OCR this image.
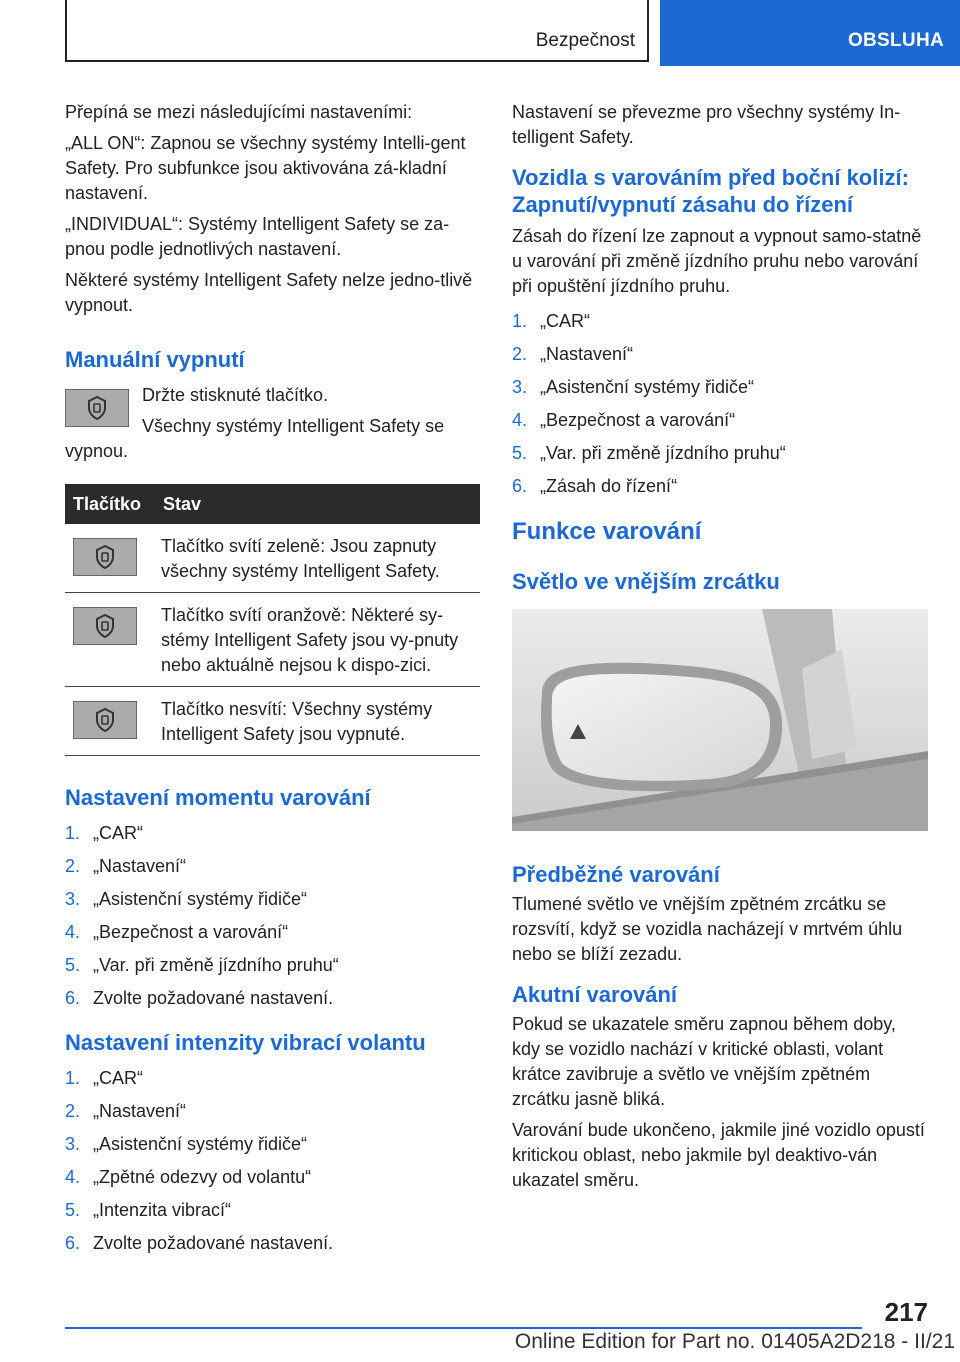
Bezpečnost	OBSLUHA

Přepíná se mezi následujícími nastaveními:

„ALL ON“: Zapnou se všechny systémy Intelli-gent Safety. Pro subfunkce jsou aktivována zá-kladní nastavení.

„INDIVIDUAL“: Systémy Intelligent Safety se za-pnou podle jednotlivých nastavení.

Některé systémy Intelligent Safety nelze jedno-tlivě vypnout.

Manuální vypnutí

Držte stisknuté tlačítko.

Všechny systémy Intelligent Safety se vypnou.

Tlačítko	Stav

	Tlačítko svítí zeleně: Jsou zapnuty všechny systémy Intelligent Safety.

	Tlačítko svítí oranžově: Některé sy-stémy Intelligent Safety jsou vy-pnuty nebo aktuálně nejsou k dispo-zici.

	Tlačítko nesvítí: Všechny systémy Intelligent Safety jsou vypnuté.
Nastavení momentu varování
1. „CAR“
2. „Nastavení“
3. „Asistenční systémy řidiče“
4. „Bezpečnost a varování“
5. „Var. při změně jízdního pruhu“
6. Zvolte požadované nastavení.
Nastavení intenzity vibrací volantu
1. „CAR“
2. „Nastavení“
3. „Asistenční systémy řidiče“
4. „Zpětné odezvy od volantu“
5. „Intenzita vibrací“
6. Zvolte požadované nastavení.

Nastavení se převezme pro všechny systémy In-telligent Safety.

Vozidla s varováním před boční kolizí: Zapnutí/vypnutí zásahu do řízení

Zásah do řízení lze zapnout a vypnout samo-statně u varování při změně jízdního pruhu nebo varování při opuštění jízdního pruhu.

1. „CAR“
2. „Nastavení“
3. „Asistenční systémy řidiče“
4. „Bezpečnost a varování“
5. „Var. při změně jízdního pruhu“
6. „Zásah do řízení“
Funkce varování
Světlo ve vnějším zrcátku
Předběžné varování

Tlumené světlo ve vnějším zpětném zrcátku se rozsvítí, když se vozidla nacházejí v mrtvém úhlu nebo se blíží zezadu.

Akutní varování

Pokud se ukazatele směru zapnou během doby, kdy se vozidlo nachází v kritické oblasti, volant krátce zavibruje a světlo ve vnějším zpětném zrcátku jasně bliká.

Varování bude ukončeno, jakmile jiné vozidlo opustí kritickou oblast, nebo jakmile byl deaktivo-ván ukazatel směru.

217
Online Edition for Part no. 01405A2D218 - II/21
